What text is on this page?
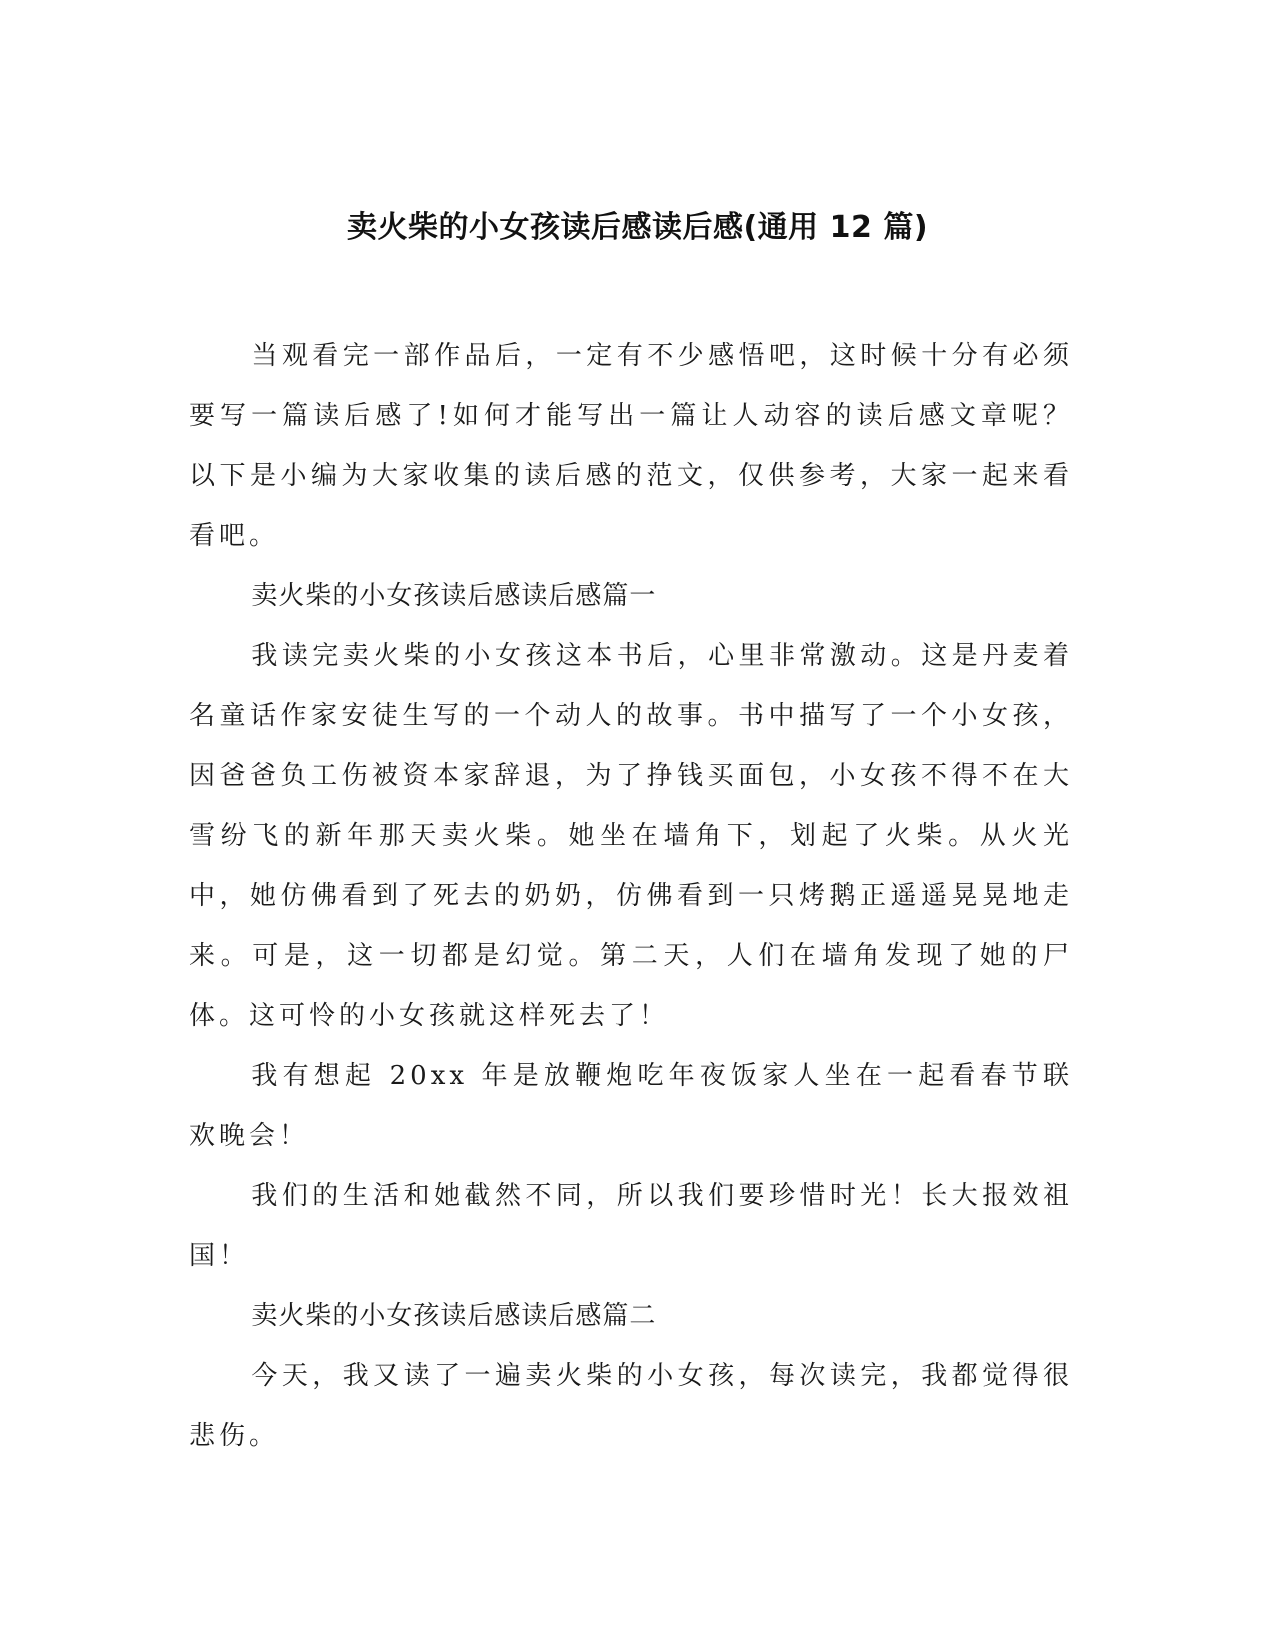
卖火柴的小女孩读后感读后感(通用 12 篇)

当观看完一部作品后，一定有不少感悟吧，这时候十分有必须要写一篇读后感了!如何才能写出一篇让人动容的读后感文章呢？以下是小编为大家收集的读后感的范文，仅供参考，大家一起来看看吧。

卖火柴的小女孩读后感读后感篇一

我读完卖火柴的小女孩这本书后，心里非常激动。这是丹麦着名童话作家安徒生写的一个动人的故事。书中描写了一个小女孩，因爸爸负工伤被资本家辞退，为了挣钱买面包，小女孩不得不在大雪纷飞的新年那天卖火柴。她坐在墙角下，划起了火柴。从火光中，她仿佛看到了死去的奶奶，仿佛看到一只烤鹅正遥遥晃晃地走来。可是，这一切都是幻觉。第二天，人们在墙角发现了她的尸体。这可怜的小女孩就这样死去了！

我有想起 20xx 年是放鞭炮吃年夜饭家人坐在一起看春节联欢晚会！

我们的生活和她截然不同，所以我们要珍惜时光！长大报效祖国！

卖火柴的小女孩读后感读后感篇二

今天，我又读了一遍卖火柴的小女孩，每次读完，我都觉得很悲伤。
